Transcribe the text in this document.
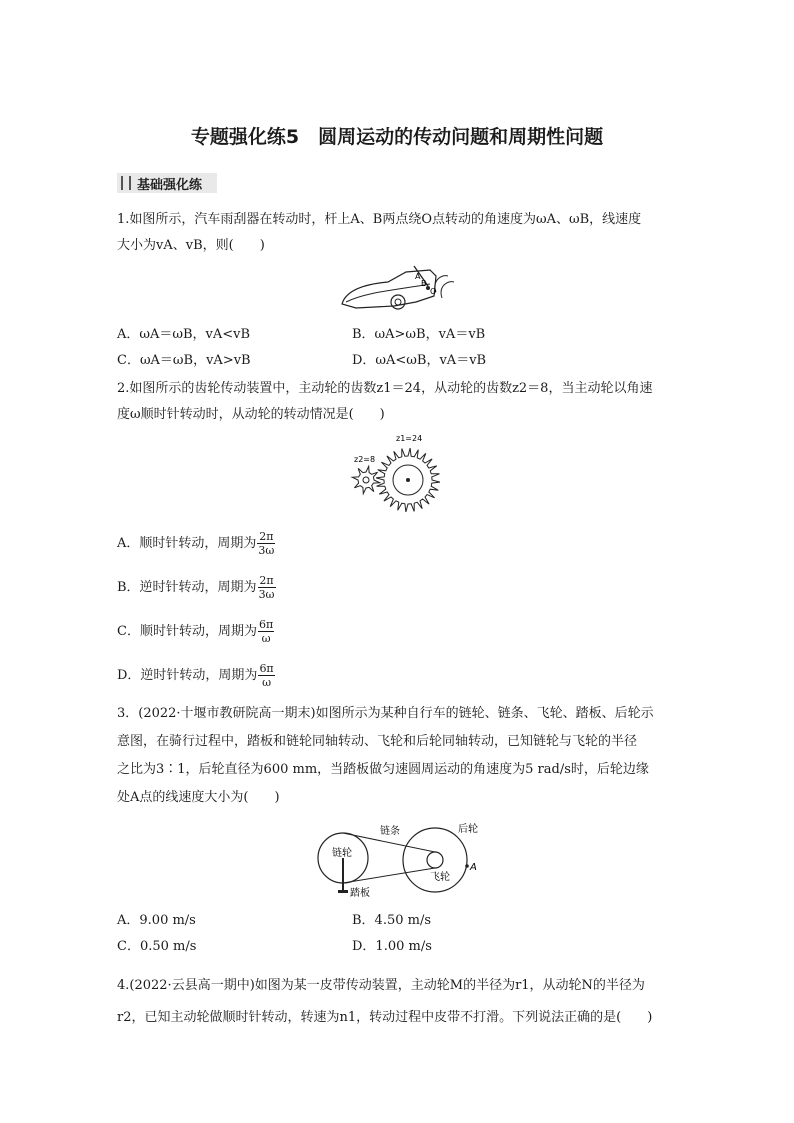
专题强化练5　圆周运动的传动问题和周期性问题
基础强化练
1.如图所示，汽车雨刮器在转动时，杆上A、B两点绕O点转动的角速度为ωA、ωB，线速度
大小为vA、vB，则(　　)
A
B
O
A．ωA＝ωB，vA<vB	B．ωA>ωB，vA＝vB
C．ωA＝ωB，vA>vB	D．ωA<ωB，vA＝vB
2.如图所示的齿轮传动装置中，主动轮的齿数z1＝24，从动轮的齿数z2＝8，当主动轮以角速
度ω顺时针转动时，从动轮的转动情况是(　　)
z1=24
z2=8
A．顺时针转动，周期为 $\frac{2\pi}{3\omega}$
B．逆时针转动，周期为 $\frac{2\pi}{3\omega}$
C．顺时针转动，周期为 $\frac{6\pi}{\omega}$
D．逆时针转动，周期为 $\frac{6\pi}{\omega}$
3．(2022·十堰市教研院高一期末)如图所示为某种自行车的链轮、链条、飞轮、踏板、后轮示
意图，在骑行过程中，踏板和链轮同轴转动、飞轮和后轮同轴转动，已知链轮与飞轮的半径
之比为3∶1，后轮直径为600 mm，当踏板做匀速圆周运动的角速度为5 rad/s时，后轮边缘
处A点的线速度大小为(　　)
链轮
链条	后轮
飞轮
踏板
A
A．9.00 m/s	B．4.50 m/s
C．0.50 m/s	D．1.00 m/s
4.(2022·云县高一期中)如图为某一皮带传动装置，主动轮M的半径为r1，从动轮N的半径为
r2，已知主动轮做顺时针转动，转速为n1，转动过程中皮带不打滑。下列说法正确的是(　　)
